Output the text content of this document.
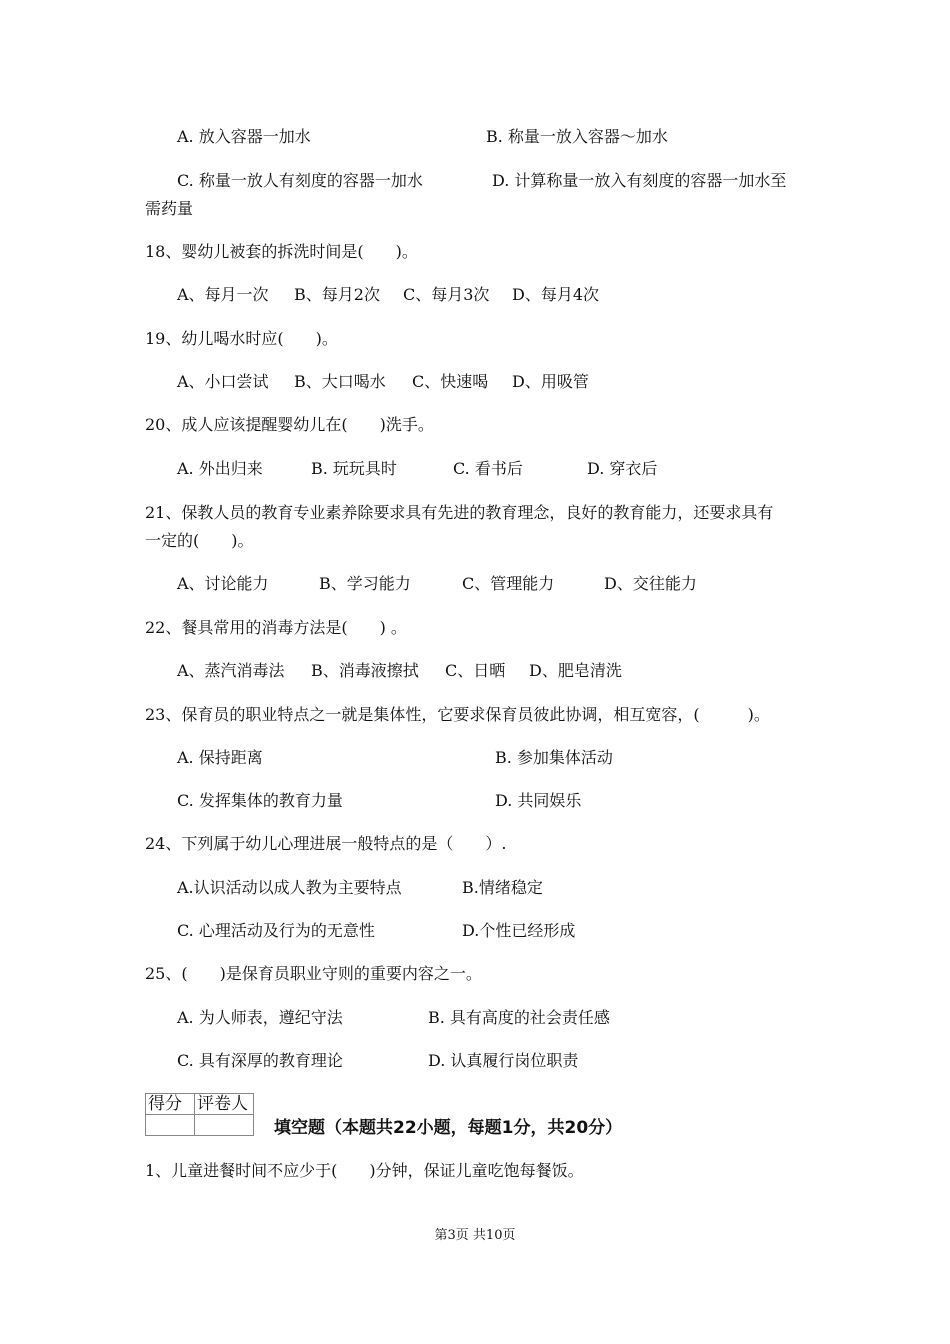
A. 放入容器一加水	B. 称量一放入容器～加水
C. 称量一放人有刻度的容器一加水	D. 计算称量一放入有刻度的容器一加水至
需药量
18、婴幼儿被套的拆洗时间是(　　)。
A、每月一次 B、每月2次 C、每月3次 D、每月4次
19、幼儿喝水时应(　　)。
A、小口尝试 B、大口喝水 C、快速喝 D、用吸管
20、成人应该提醒婴幼儿在(　　)洗手。
A. 外出归来	B. 玩玩具时	C. 看书后	D. 穿衣后
21、保教人员的教育专业素养除要求具有先进的教育理念，良好的教育能力，还要求具有
一定的(　　)。
A、讨论能力	B、学习能力	C、管理能力	D、交往能力
22、餐具常用的消毒方法是(　　) 。
A、蒸汽消毒法 B、消毒液擦拭 C、日晒 D、肥皂清洗
23、保育员的职业特点之一就是集体性，它要求保育员彼此协调，相互宽容，(　　　)。
A. 保持距离	B. 参加集体活动
C. 发挥集体的教育力量	D. 共同娱乐
24、下列属于幼儿心理进展一般特点的是（　　）.
A.认识活动以成人教为主要特点	B.情绪稳定
C. 心理活动及行为的无意性	D.个性已经形成
25、(　　)是保育员职业守则的重要内容之一。
A. 为人师表，遵纪守法	B. 具有高度的社会责任感
C. 具有深厚的教育理论	D. 认真履行岗位职责
得分	评卷人

填空题（本题共22小题，每题1分，共20分）
1、儿童进餐时间不应少于(　　)分钟，保证儿童吃饱每餐饭。
第3页 共10页
